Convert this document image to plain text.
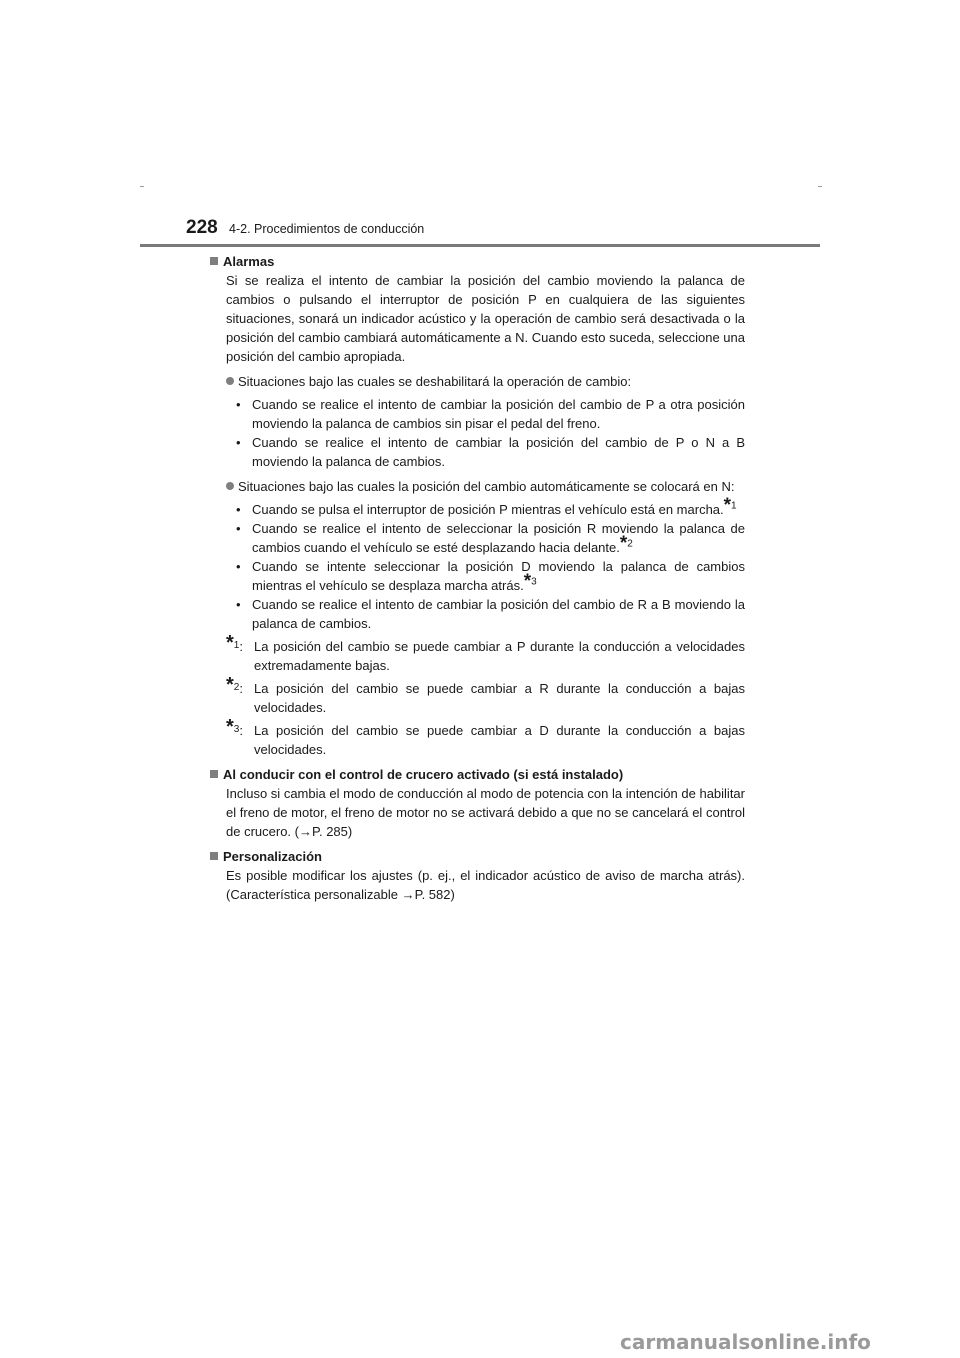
228 4-2. Procedimientos de conducción
Alarmas
Si se realiza el intento de cambiar la posición del cambio moviendo la palanca de cambios o pulsando el interruptor de posición P en cualquiera de las siguientes situaciones, sonará un indicador acústico y la operación de cambio será desactivada o la posición del cambio cambiará automáticamente a N. Cuando esto suceda, seleccione una posición del cambio apropiada.
Situaciones bajo las cuales se deshabilitará la operación de cambio:
• Cuando se realice el intento de cambiar la posición del cambio de P a otra posición moviendo la palanca de cambios sin pisar el pedal del freno.
• Cuando se realice el intento de cambiar la posición del cambio de P o N a B moviendo la palanca de cambios.
Situaciones bajo las cuales la posición del cambio automáticamente se colocará en N:
• Cuando se pulsa el interruptor de posición P mientras el vehículo está en marcha.*$^1$
• Cuando se realice el intento de seleccionar la posición R moviendo la palanca de cambios cuando el vehículo se esté desplazando hacia delante.*$^2$
• Cuando se intente seleccionar la posición D moviendo la palanca de cambios mientras el vehículo se desplaza marcha atrás.*$^3$
• Cuando se realice el intento de cambiar la posición del cambio de R a B moviendo la palanca de cambios.
*$^1$: La posición del cambio se puede cambiar a P durante la conducción a velocidades extremadamente bajas.
*$^2$: La posición del cambio se puede cambiar a R durante la conducción a bajas velocidades.
*$^3$: La posición del cambio se puede cambiar a D durante la conducción a bajas velocidades.
Al conducir con el control de crucero activado (si está instalado)
Incluso si cambia el modo de conducción al modo de potencia con la intención de habilitar el freno de motor, el freno de motor no se activará debido a que no se cancelará el control de crucero. (→P. 285)
Personalización
Es posible modificar los ajustes (p. ej., el indicador acústico de aviso de marcha atrás). (Característica personalizable →P. 582)
carmanualsonline.info
